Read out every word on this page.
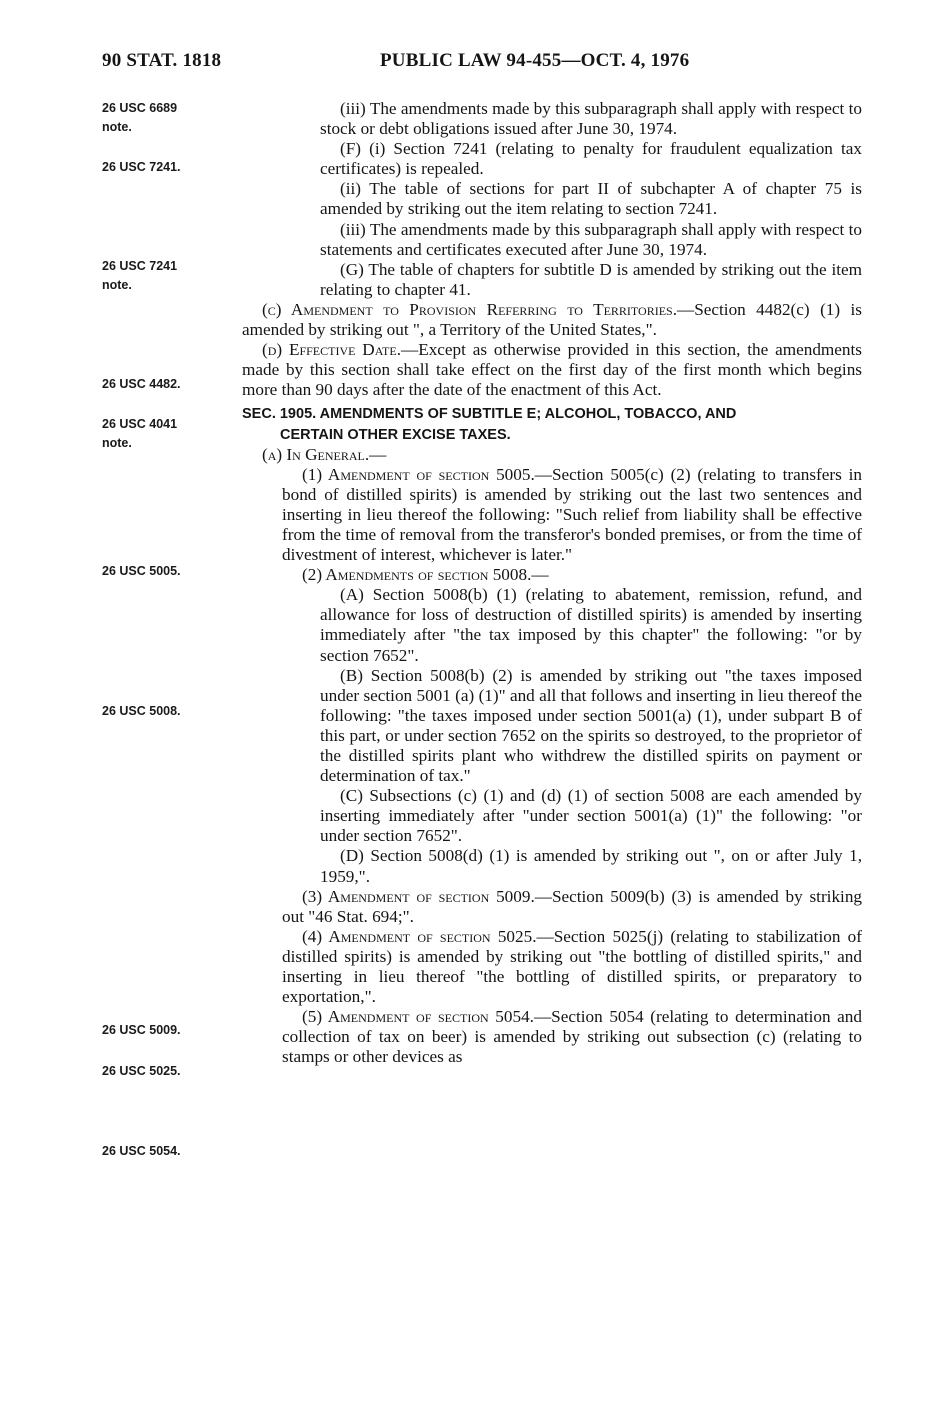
90 STAT. 1818	PUBLIC LAW 94-455—OCT. 4, 1976
26 USC 6689
note.
26 USC 7241.
26 USC 7241
note.
26 USC 4482.
26 USC 4041
note.
26 USC 5005.
26 USC 5008.
26 USC 5009.
26 USC 5025.
26 USC 5054.

(iii) The amendments made by this subparagraph shall apply with respect to stock or debt obligations issued after June 30, 1974.

(F) (i) Section 7241 (relating to penalty for fraudulent equalization tax certificates) is repealed.

(ii) The table of sections for part II of subchapter A of chapter 75 is amended by striking out the item relating to section 7241.

(iii) The amendments made by this subparagraph shall apply with respect to statements and certificates executed after June 30, 1974.

(G) The table of chapters for subtitle D is amended by striking out the item relating to chapter 41.

(c) Amendment to Provision Referring to Territories.—Section 4482(c) (1) is amended by striking out ", a Territory of the United States,".

(d) Effective Date.—Except as otherwise provided in this section, the amendments made by this section shall take effect on the first day of the first month which begins more than 90 days after the date of the enactment of this Act.

SEC. 1905. AMENDMENTS OF SUBTITLE E; ALCOHOL, TOBACCO, AND
CERTAIN OTHER EXCISE TAXES.

(a) In General.—

(1) Amendment of section 5005.—Section 5005(c) (2) (relating to transfers in bond of distilled spirits) is amended by striking out the last two sentences and inserting in lieu thereof the following: "Such relief from liability shall be effective from the time of removal from the transferor's bonded premises, or from the time of divestment of interest, whichever is later."

(2) Amendments of section 5008.—

(A) Section 5008(b) (1) (relating to abatement, remission, refund, and allowance for loss of destruction of distilled spirits) is amended by inserting immediately after "the tax imposed by this chapter" the following: "or by section 7652".

(B) Section 5008(b) (2) is amended by striking out "the taxes imposed under section 5001 (a) (1)" and all that follows and inserting in lieu thereof the following: "the taxes imposed under section 5001(a) (1), under subpart B of this part, or under section 7652 on the spirits so destroyed, to the proprietor of the distilled spirits plant who withdrew the distilled spirits on payment or determination of tax."

(C) Subsections (c) (1) and (d) (1) of section 5008 are each amended by inserting immediately after "under section 5001(a) (1)" the following: "or under section 7652".

(D) Section 5008(d) (1) is amended by striking out ", on or after July 1, 1959,".

(3) Amendment of section 5009.—Section 5009(b) (3) is amended by striking out "46 Stat. 694;".

(4) Amendment of section 5025.—Section 5025(j) (relating to stabilization of distilled spirits) is amended by striking out "the bottling of distilled spirits," and inserting in lieu thereof "the bottling of distilled spirits, or preparatory to exportation,".

(5) Amendment of section 5054.—Section 5054 (relating to determination and collection of tax on beer) is amended by striking out subsection (c) (relating to stamps or other devices as
